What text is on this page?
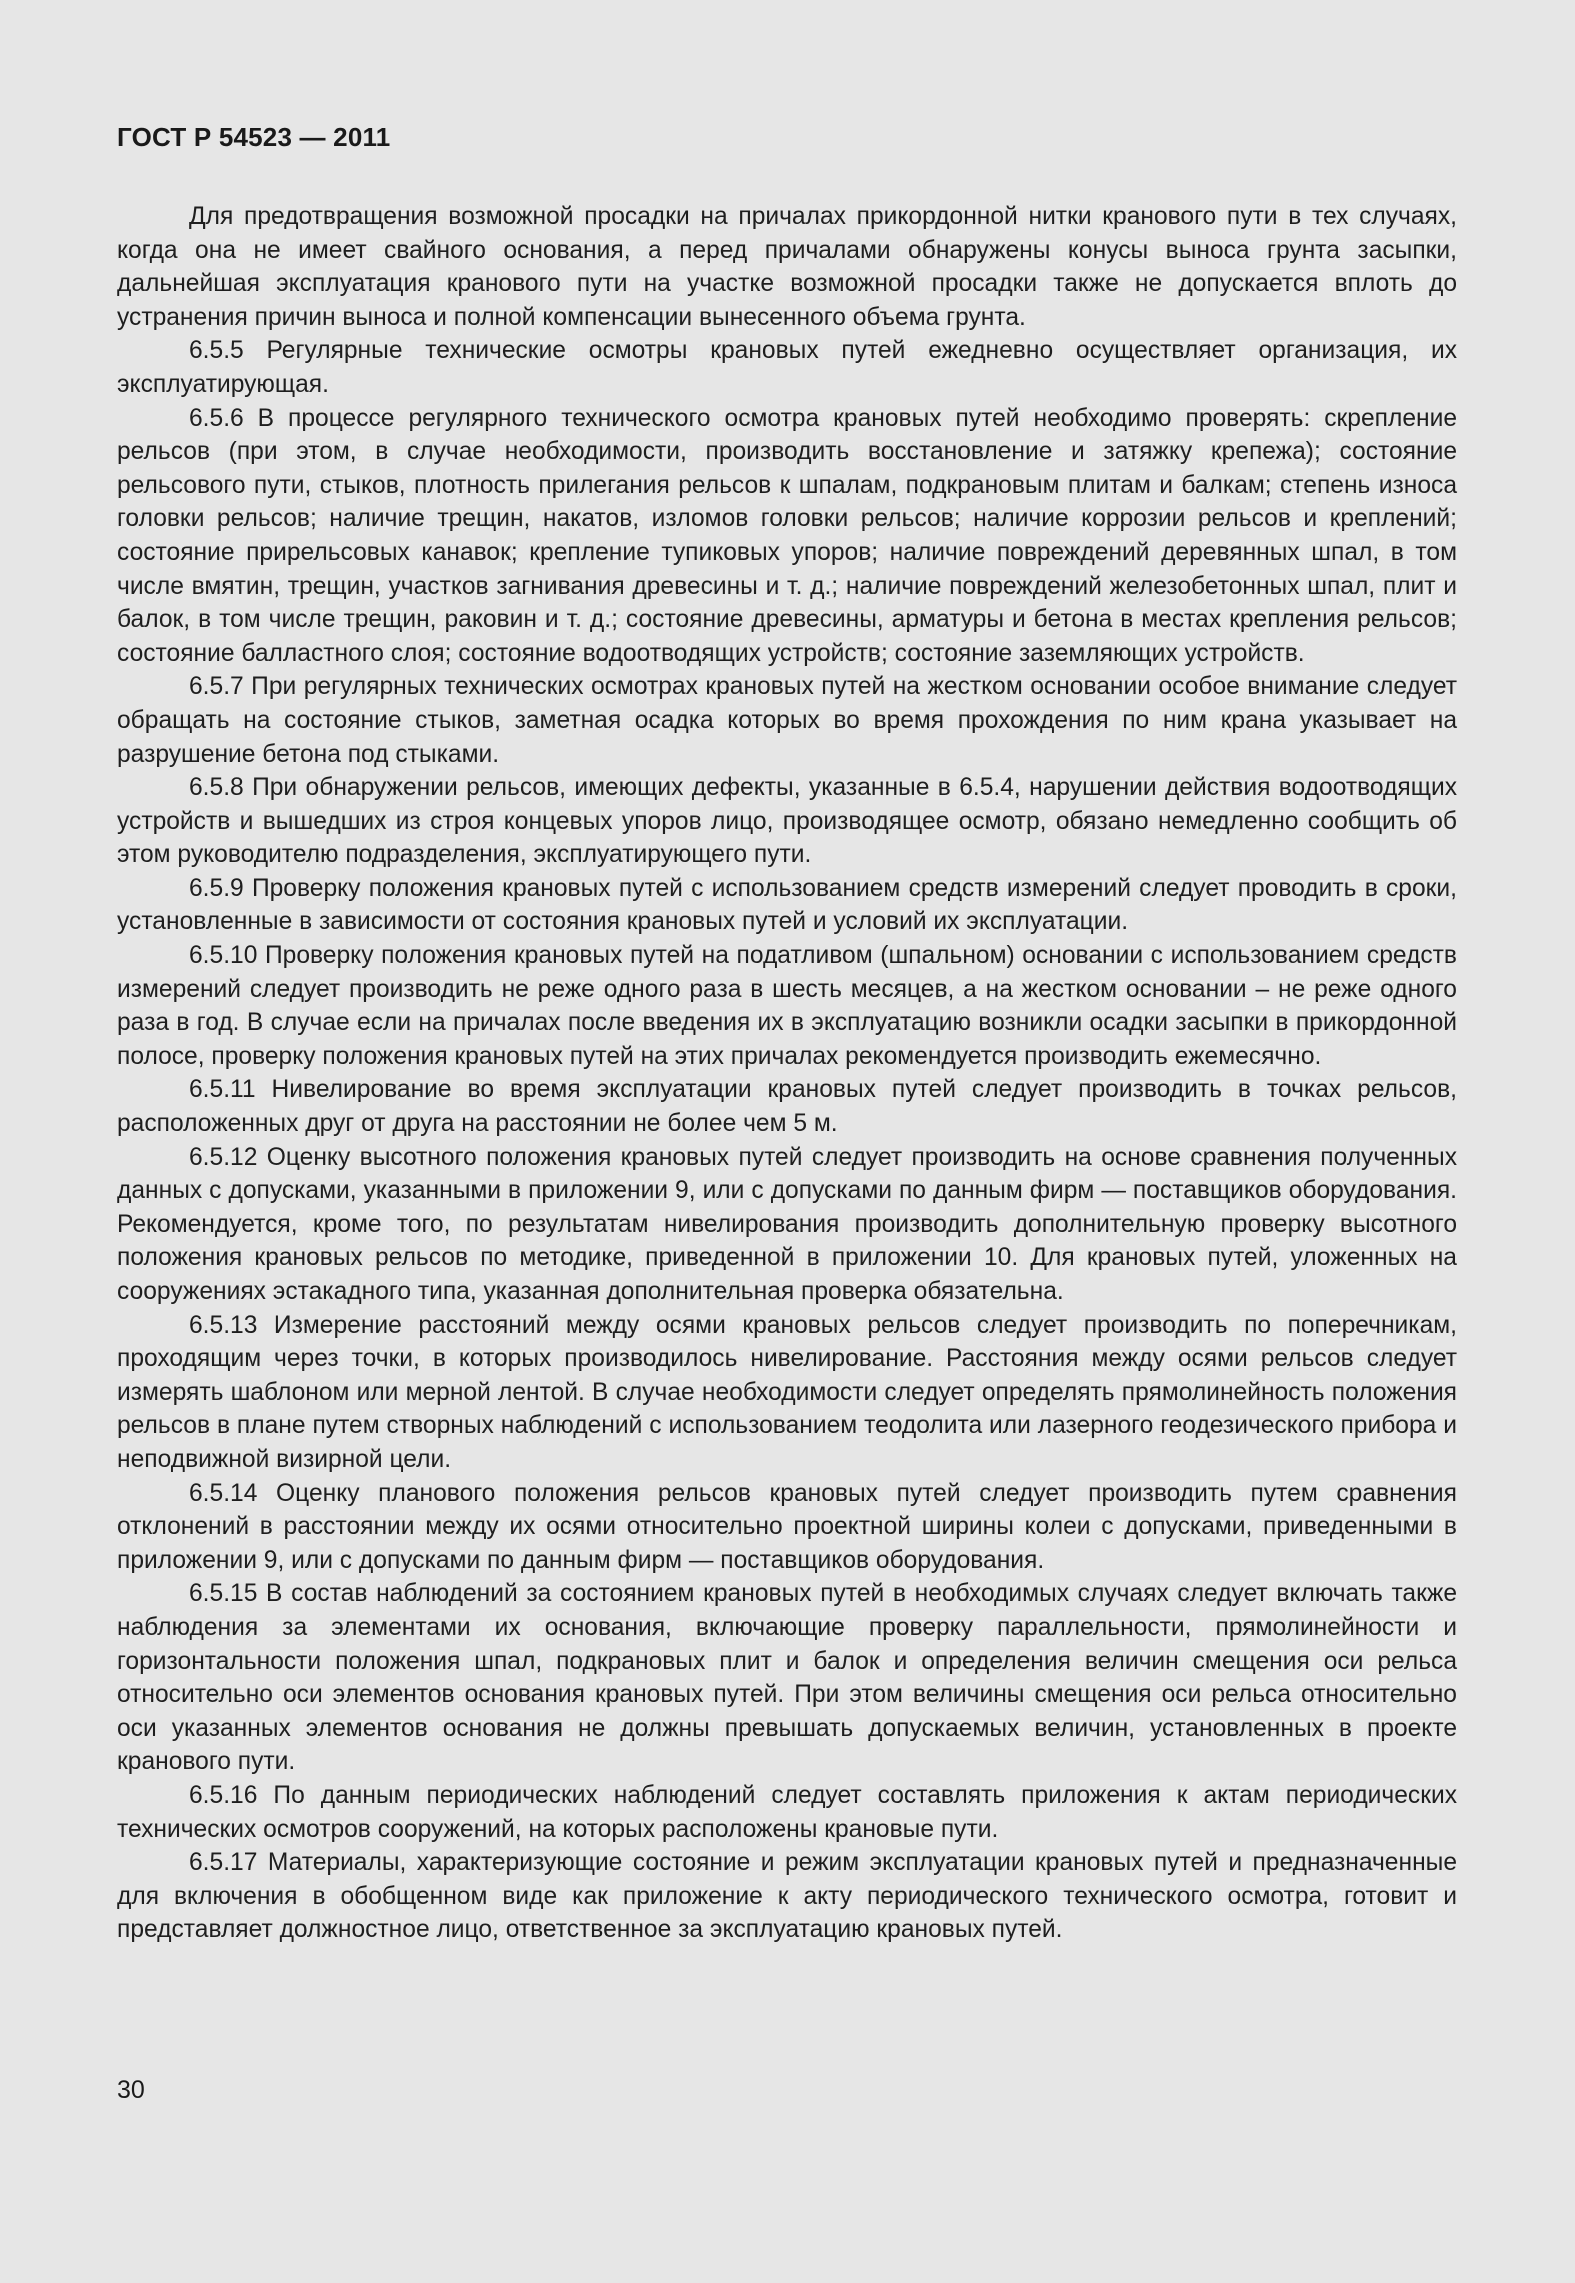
ГОСТ Р 54523 — 2011

Для предотвращения возможной просадки на причалах прикордонной нитки кранового пути в тех случаях, когда она не имеет свайного основания, а перед причалами обнаружены конусы выноса грунта засыпки, дальнейшая эксплуатация кранового пути на участке возможной просадки также не допускается вплоть до устранения причин выноса и полной компенсации вынесенного объема грунта.

6.5.5 Регулярные технические осмотры крановых путей ежедневно осуществляет организация, их эксплуатирующая.

6.5.6 В процессе регулярного технического осмотра крановых путей необходимо проверять: скрепление рельсов (при этом, в случае необходимости, производить восстановление и затяжку крепежа); состояние рельсового пути, стыков, плотность прилегания рельсов к шпалам, подкрановым плитам и балкам; степень износа головки рельсов; наличие трещин, накатов, изломов головки рельсов; наличие коррозии рельсов и креплений; состояние прирельсовых канавок; крепление тупиковых упоров; наличие повреждений деревянных шпал, в том числе вмятин, трещин, участков загнивания древесины и т. д.; наличие повреждений железобетонных шпал, плит и балок, в том числе трещин, раковин и т. д.; состояние древесины, арматуры и бетона в местах крепления рельсов; состояние балластного слоя; состояние водоотводящих устройств; состояние заземляющих устройств.

6.5.7 При регулярных технических осмотрах крановых путей на жестком основании особое внимание следует обращать на состояние стыков, заметная осадка которых во время прохождения по ним крана указывает на разрушение бетона под стыками.

6.5.8 При обнаружении рельсов, имеющих дефекты, указанные в 6.5.4, нарушении действия водоотводящих устройств и вышедших из строя концевых упоров лицо, производящее осмотр, обязано немедленно сообщить об этом руководителю подразделения, эксплуатирующего пути.

6.5.9 Проверку положения крановых путей с использованием средств измерений следует проводить в сроки, установленные в зависимости от состояния крановых путей и условий их эксплуатации.

6.5.10 Проверку положения крановых путей на податливом (шпальном) основании с использованием средств измерений следует производить не реже одного раза в шесть месяцев, а на жестком основании – не реже одного раза в год. В случае если на причалах после введения их в эксплуатацию возникли осадки засыпки в прикордонной полосе, проверку положения крановых путей на этих причалах рекомендуется производить ежемесячно.

6.5.11 Нивелирование во время эксплуатации крановых путей следует производить в точках рельсов, расположенных друг от друга на расстоянии не более чем 5 м.

6.5.12 Оценку высотного положения крановых путей следует производить на основе сравнения полученных данных с допусками, указанными в приложении 9, или с допусками по данным фирм — поставщиков оборудования. Рекомендуется, кроме того, по результатам нивелирования производить дополнительную проверку высотного положения крановых рельсов по методике, приведенной в приложении 10. Для крановых путей, уложенных на сооружениях эстакадного типа, указанная дополнительная проверка обязательна.

6.5.13 Измерение расстояний между осями крановых рельсов следует производить по поперечникам, проходящим через точки, в которых производилось нивелирование. Расстояния между осями рельсов следует измерять шаблоном или мерной лентой. В случае необходимости следует определять прямолинейность положения рельсов в плане путем створных наблюдений с использованием теодолита или лазерного геодезического прибора и неподвижной визирной цели.

6.5.14 Оценку планового положения рельсов крановых путей следует производить путем сравнения отклонений в расстоянии между их осями относительно проектной ширины колеи с допусками, приведенными в приложении 9, или с допусками по данным фирм — поставщиков оборудования.

6.5.15 В состав наблюдений за состоянием крановых путей в необходимых случаях следует включать также наблюдения за элементами их основания, включающие проверку параллельности, прямолинейности и горизонтальности положения шпал, подкрановых плит и балок и определения величин смещения оси рельса относительно оси элементов основания крановых путей. При этом величины смещения оси рельса относительно оси указанных элементов основания не должны превышать допускаемых величин, установленных в проекте кранового пути.

6.5.16 По данным периодических наблюдений следует составлять приложения к актам периодических технических осмотров сооружений, на которых расположены крановые пути.

6.5.17 Материалы, характеризующие состояние и режим эксплуатации крановых путей и предназначенные для включения в обобщенном виде как приложение к акту периодического технического осмотра, готовит и представляет должностное лицо, ответственное за эксплуатацию крановых путей.

30
